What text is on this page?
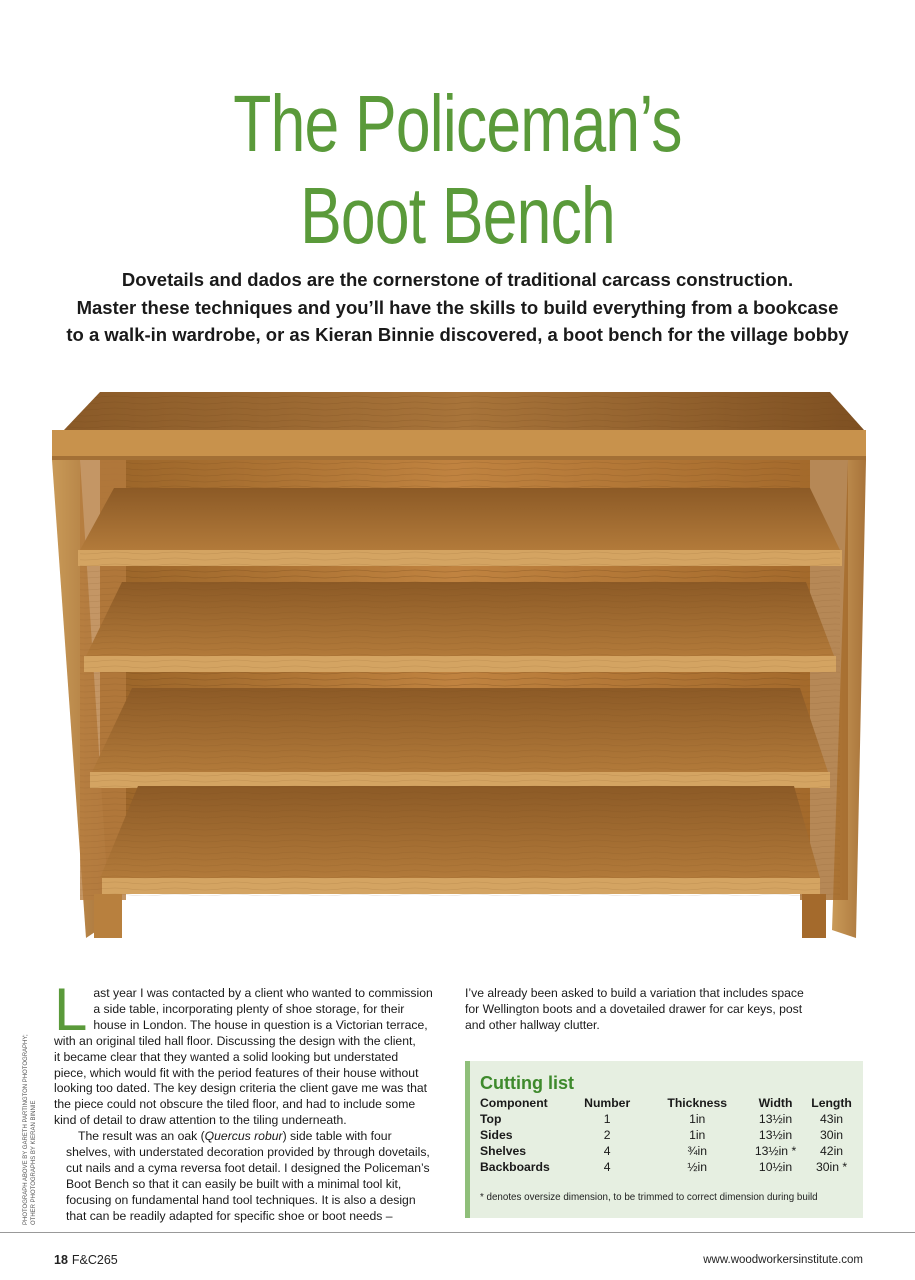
The Policeman’s
Boot Bench
Dovetails and dados are the cornerstone of traditional carcass construction.
Master these techniques and you’ll have the skills to build everything from a bookcase
to a walk-in wardrobe, or as Kieran Binnie discovered, a boot bench for the village bobby
PHOTOGRAPH ABOVE BY GARETH PARTINGTON PHOTOGRAPHY; OTHER PHOTOGRAPHS BY KIERAN BINNIE
L ast year I was contacted by a client who wanted to commission
a side table, incorporating plenty of shoe storage, for their
house in London. The house in question is a Victorian terrace,
with an original tiled hall floor. Discussing the design with the client,
it became clear that they wanted a solid looking but understated
piece, which would fit with the period features of their house without
looking too dated. The key design criteria the client gave me was that
the piece could not obscure the tiled floor, and had to include some
kind of detail to draw attention to the tiling underneath.

The result was an oak (Quercus robur) side table with four
shelves, with understated decoration provided by through dovetails,
cut nails and a cyma reversa foot detail. I designed the Policeman’s
Boot Bench so that it can easily be built with a minimal tool kit,
focusing on fundamental hand tool techniques. It is also a design
that can be readily adapted for specific shoe or boot needs –

I’ve already been asked to build a variation that includes space
for Wellington boots and a dovetailed drawer for car keys, post
and other hallway clutter.
Cutting list
Component	Number	Thickness	Width	Length
Top	1	1in	13½in	43in
Sides	2	1in	13½in	30in
Shelves	4	¾in	13½in *	42in
Backboards	4	½in	10½in	30in *
* denotes oversize dimension, to be trimmed to correct dimension during build
18 F&C265	www.woodworkersinstitute.com
